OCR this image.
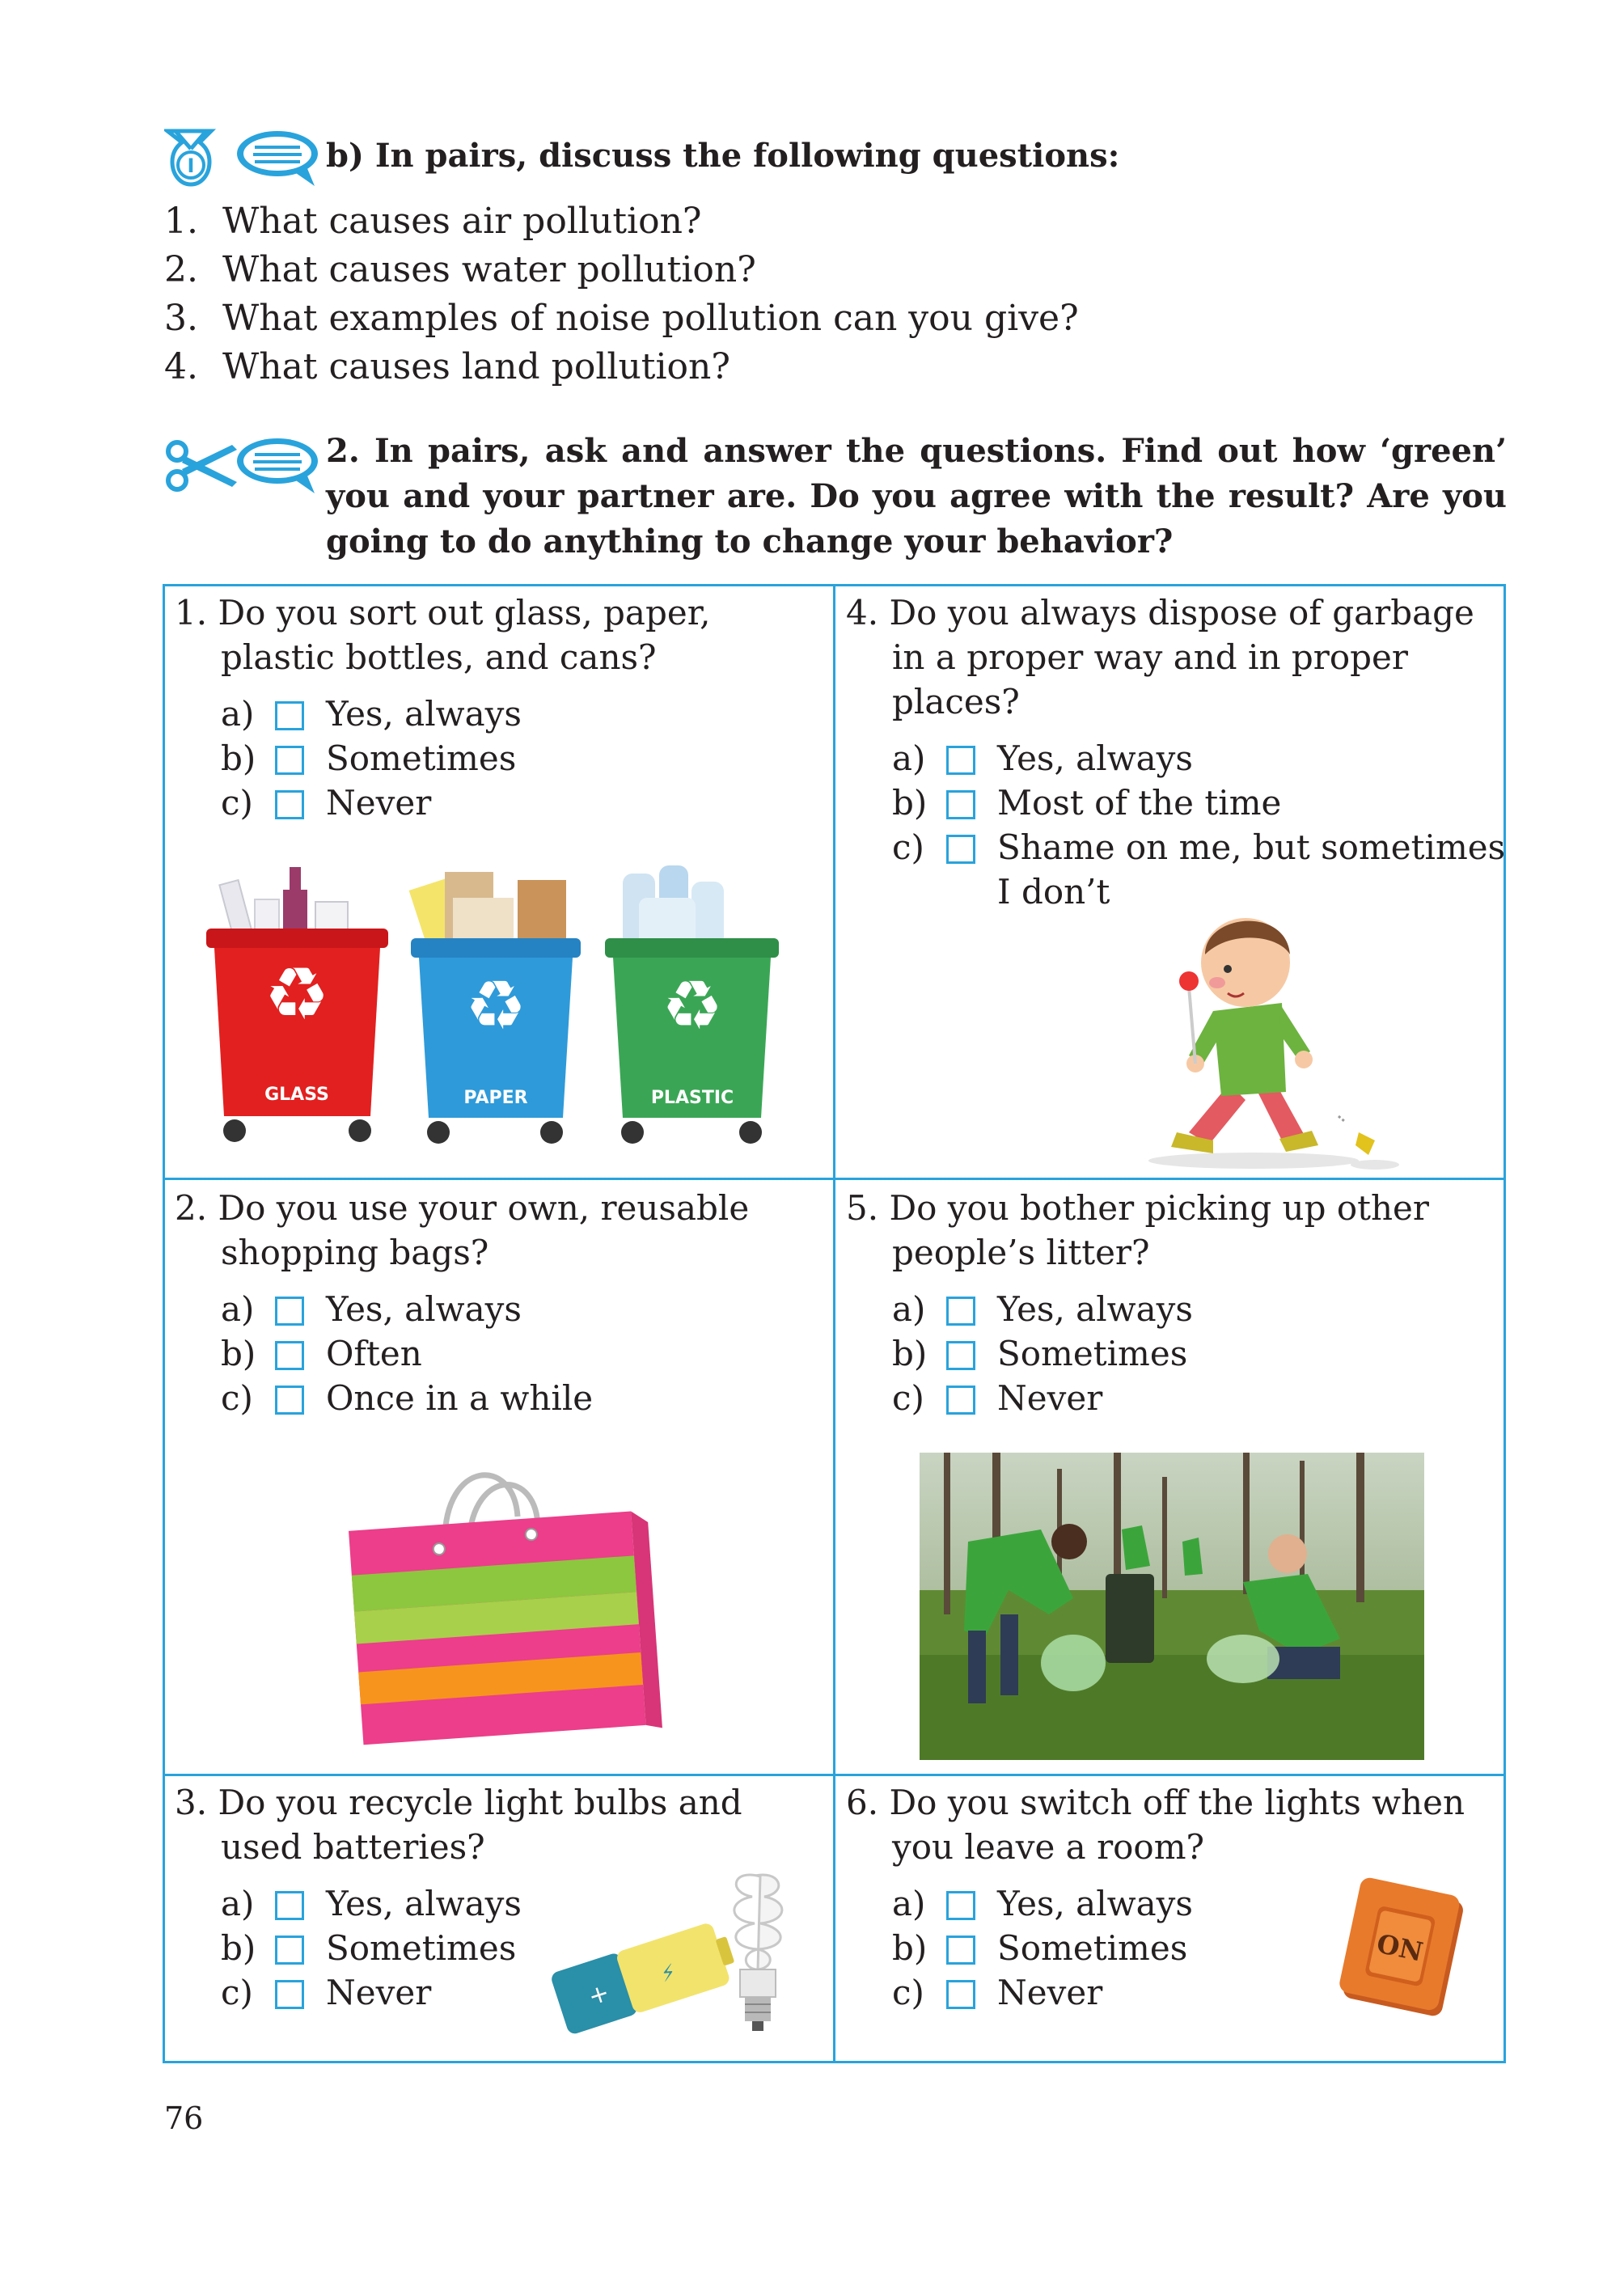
I	b) In pairs, discuss the following questions:
1. What causes air pollution?
2. What causes water pollution?
3. What examples of noise pollution can you give?
4. What causes land pollution?
2. In pairs, ask and answer the questions. Find out how ‘green’
you and your partner are. Do you agree with the result? Are you
going to do anything to change your behavior?
1. Do you sort out glass, paper,
plastic bottles, and cans?
a) Yes, always
b) Sometimes
c) Never
♻
GLASS
♻
PAPER
♻
PLASTIC
4. Do you always dispose of garbage
in a proper way and in proper
places?
a) Yes, always
b) Most of the time
c) Shame on me, but sometimes
I don’t
2. Do you use your own, reusable
shopping bags?
a) Yes, always
b) Often
c) Once in a while
5. Do you bother picking up other
people’s litter?
a) Yes, always
b) Sometimes
c) Never
3. Do you recycle light bulbs and
used batteries?
a) Yes, always
b) Sometimes
c) Never	+
⚡
6. Do you switch off the lights when
you leave a room?
a) Yes, always
b) Sometimes
c) Never
ON
76
